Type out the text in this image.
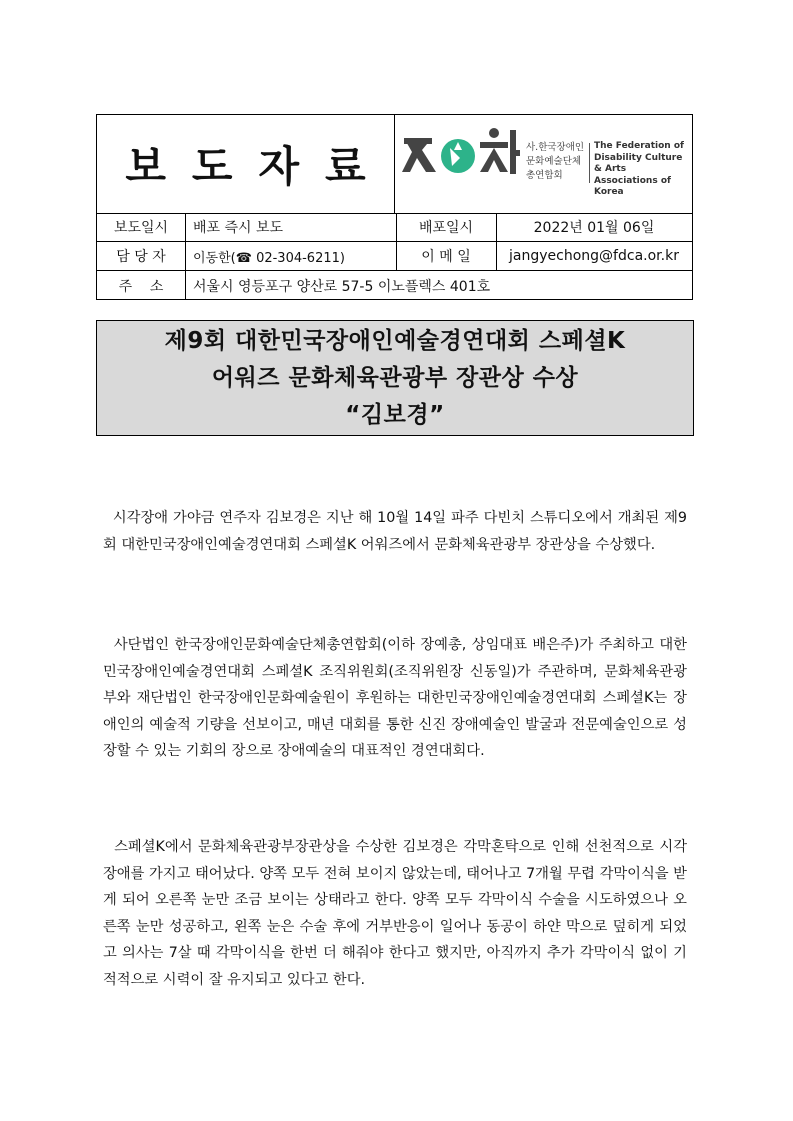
보도자료	사.한국장애인
문화예술단체
총연합회
The Federation of
Disability Culture & Arts
Associations of
Korea
보도일시	배포 즉시 보도	배포일시	2022년 01월 06일
담 당 자	이동한(☎ 02-304-6211)	이 메 일	jangyechong@fdca.or.kr
주    소	서울시 영등포구 양산로 57-5 이노플렉스 401호
제9회 대한민국장애인예술경연대회 스페셜K
어워즈 문화체육관광부 장관상 수상
“김보경”

시각장애 가야금 연주자 김보경은 지난 해 10월 14일 파주 다빈치 스튜디오에서 개최된 제9회 대한민국장애인예술경연대회 스페셜K 어워즈에서 문화체육관광부 장관상을 수상했다.

사단법인 한국장애인문화예술단체총연합회(이하 장예총, 상임대표 배은주)가 주최하고 대한민국장애인예술경연대회 스페셜K 조직위원회(조직위원장 신동일)가 주관하며, 문화체육관광부와 재단법인 한국장애인문화예술원이 후원하는 대한민국장애인예술경연대회 스페셜K는 장애인의 예술적 기량을 선보이고, 매년 대회를 통한 신진 장애예술인 발굴과 전문예술인으로 성장할 수 있는 기회의 장으로 장애예술의 대표적인 경연대회다.

스페셜K에서 문화체육관광부장관상을 수상한 김보경은 각막혼탁으로 인해 선천적으로 시각장애를 가지고 태어났다. 양쪽 모두 전혀 보이지 않았는데, 태어나고 7개월 무렵 각막이식을 받게 되어 오른쪽 눈만 조금 보이는 상태라고 한다. 양쪽 모두 각막이식 수술을 시도하였으나 오른쪽 눈만 성공하고, 왼쪽 눈은 수술 후에 거부반응이 일어나 동공이 하얀 막으로 덮히게 되었고 의사는 7살 때 각막이식을 한번 더 해줘야 한다고 했지만, 아직까지 추가 각막이식 없이 기적적으로 시력이 잘 유지되고 있다고 한다.
